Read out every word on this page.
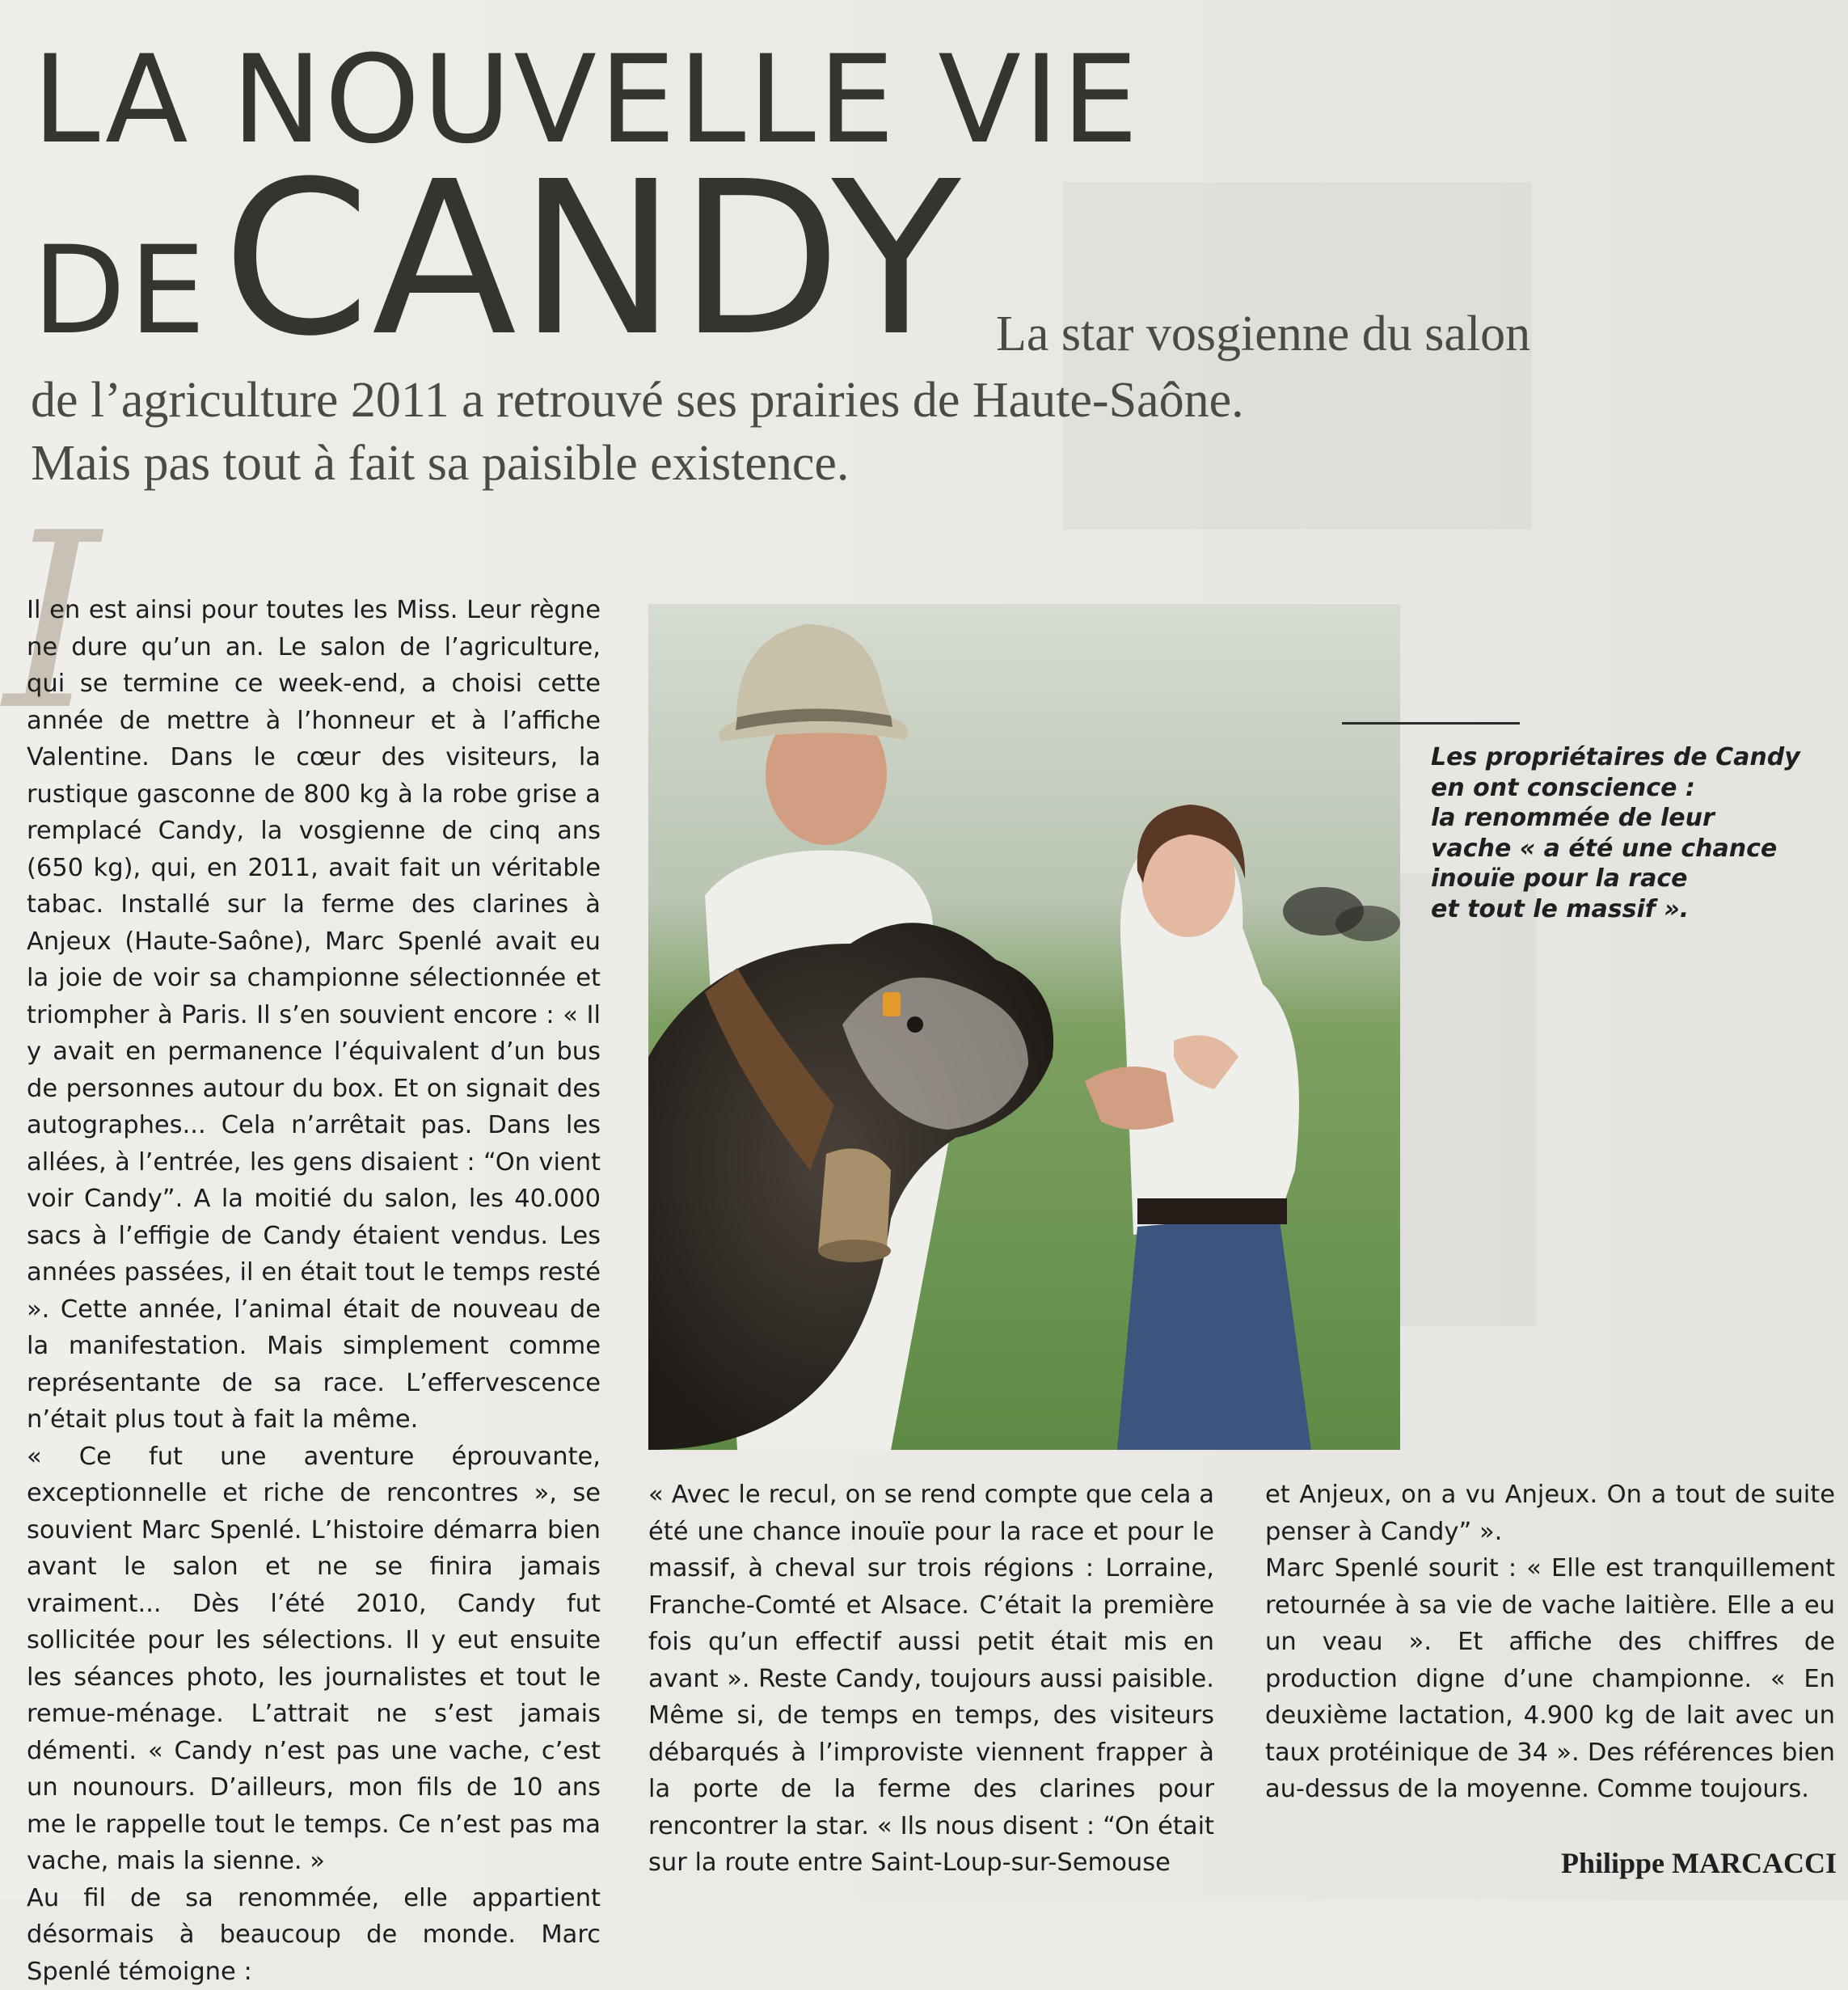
LA NOUVELLE VIE
DE CANDY La star vosgienne du salon
de l’agriculture 2011 a retrouvé ses prairies de Haute-Saône.
Mais pas tout à fait sa paisible existence.
I

Il en est ainsi pour toutes les Miss. Leur règne ne dure qu’un an. Le salon de l’agriculture, qui se termine ce week-end, a choisi cette année de mettre à l’honneur et à l’affiche Valentine. Dans le cœur des visiteurs, la rustique gasconne de 800 kg à la robe grise a remplacé Candy, la vosgienne de cinq ans (650 kg), qui, en 2011, avait fait un véritable tabac. Installé sur la ferme des clarines à Anjeux (Haute-Saône), Marc Spenlé avait eu la joie de voir sa championne sélectionnée et triompher à Paris. Il s’en souvient encore : « Il y avait en permanence l’équivalent d’un bus de personnes autour du box. Et on signait des autographes... Cela n’arrêtait pas. Dans les allées, à l’entrée, les gens disaient : “On vient voir Candy”. A la moitié du salon, les 40.000 sacs à l’effigie de Candy étaient vendus. Les années passées, il en était tout le temps resté ». Cette année, l’animal était de nouveau de la manifestation. Mais simplement comme représentante de sa race. L’effervescence n’était plus tout à fait la même.

« Ce fut une aventure éprouvante, exceptionnelle et riche de rencontres », se souvient Marc Spenlé. L’histoire démarra bien avant le salon et ne se finira jamais vraiment... Dès l’été 2010, Candy fut sollicitée pour les sélections. Il y eut ensuite les séances photo, les journalistes et tout le remue-ménage. L’attrait ne s’est jamais démenti. « Candy n’est pas une vache, c’est un nounours. D’ailleurs, mon fils de 10 ans me le rappelle tout le temps. Ce n’est pas ma vache, mais la sienne. »

Au fil de sa renommée, elle appartient désormais à beaucoup de monde. Marc Spenlé témoigne :

Les propriétaires de Candy
en ont conscience :
la renommée de leur
vache « a été une chance
inouïe pour la race
et tout le massif ».

« Avec le recul, on se rend compte que cela a été une chance inouïe pour la race et pour le massif, à cheval sur trois régions : Lorraine, Franche-Comté et Alsace. C’était la première fois qu’un effectif aussi petit était mis en avant ». Reste Candy, toujours aussi paisible. Même si, de temps en temps, des visiteurs débarqués à l’improviste viennent frapper à la porte de la ferme des clarines pour rencontrer la star. « Ils nous disent : “On était sur la route entre Saint-Loup-sur-Semouse

et Anjeux, on a vu Anjeux. On a tout de suite penser à Candy” ».

Marc Spenlé sourit : « Elle est tranquillement retournée à sa vie de vache laitière. Elle a eu un veau ». Et affiche des chiffres de production digne d’une championne. « En deuxième lactation, 4.900 kg de lait avec un taux protéinique de 34 ». Des références bien au-dessus de la moyenne. Comme toujours.

Philippe MARCACCI
